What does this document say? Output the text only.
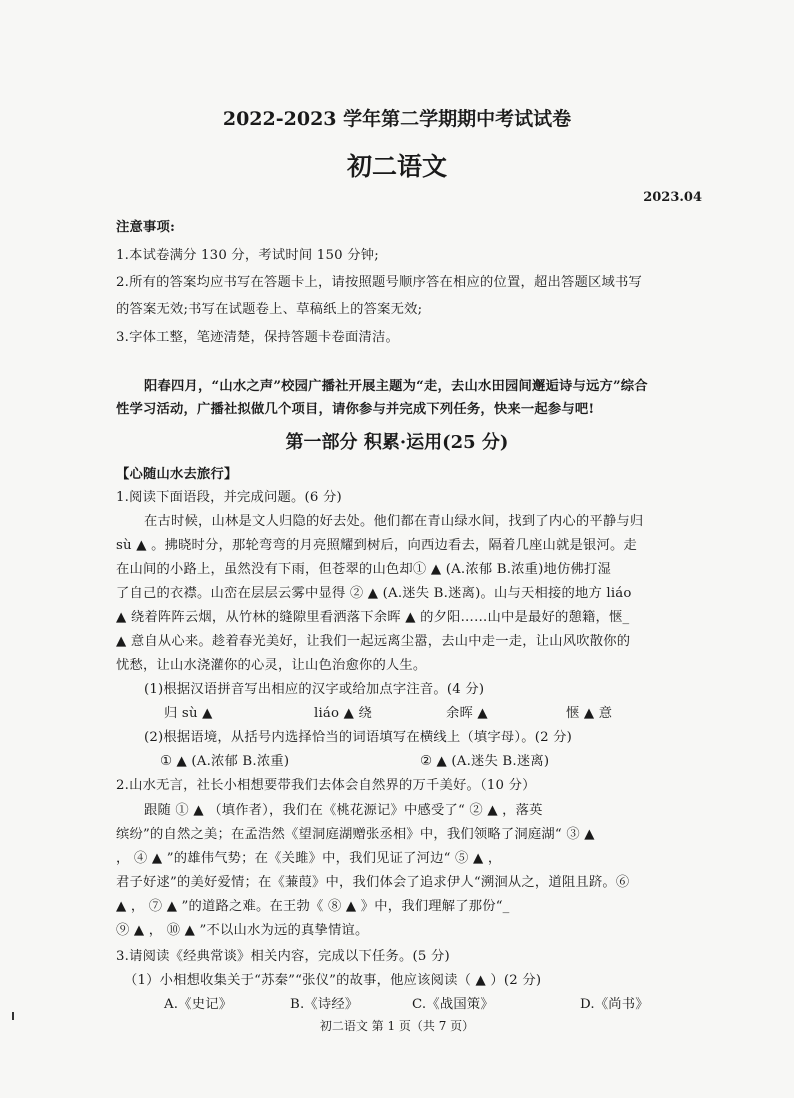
2022-2023 学年第二学期期中考试试卷
初二语文
2023.04
注意事项:
1.本试卷满分 130 分，考试时间 150 分钟;
2.所有的答案均应书写在答题卡上，请按照题号顺序答在相应的位置，超出答题区域书写
的答案无效;书写在试题卷上、草稿纸上的答案无效;
3.字体工整，笔迹清楚，保持答题卡卷面清洁。
阳春四月，“山水之声”校园广播社开展主题为“走，去山水田园间邂逅诗与远方”综合
性学习活动，广播社拟做几个项目，请你参与并完成下列任务，快来一起参与吧!
第一部分 积累·运用(25 分)
【心随山水去旅行】
1.阅读下面语段，并完成问题。(6 分)
在古时候，山林是文人归隐的好去处。他们都在青山绿水间，找到了内心的平静与归
sù ▲ 。拂晓时分，那轮弯弯的月亮照耀到树后，向西边看去，隔着几座山就是银河。走
在山间的小路上，虽然没有下雨，但苍翠的山色却① ▲ (A.浓郁 B.浓重)地仿佛打湿
了自己的衣襟。山峦在层层云雾中显得 ② ▲ (A.迷失 B.迷离)。山与天相接的地方 liáo
▲ 绕着阵阵云烟，从竹林的缝隙里看洒落下余晖 ▲ 的夕阳……山中是最好的憩籍，惬_
▲ 意自从心来。趁着春光美好，让我们一起远离尘嚣，去山中走一走，让山风吹散你的
忧愁，让山水浇灌你的心灵，让山色治愈你的人生。
(1)根据汉语拼音写出相应的汉字或给加点字注音。(4 分)
归 sù ▲	liáo ▲ 绕	余晖 ▲	惬 ▲ 意
(2)根据语境，从括号内选择恰当的词语填写在横线上（填字母）。(2 分)
① ▲ (A.浓郁 B.浓重)	② ▲ (A.迷失 B.迷离)
2.山水无言，社长小相想要带我们去体会自然界的万千美好。（10 分）
跟随 ① ▲ （填作者），我们在《桃花源记》中感受了“ ② ▲ ，落英
缤纷”的自然之美；在孟浩然《望洞庭湖赠张丞相》中，我们领略了洞庭湖“ ③ ▲
， ④ ▲ ”的雄伟气势；在《关雎》中，我们见证了河边“ ⑤ ▲ ，
君子好逑”的美好爱情；在《蒹葭》中，我们体会了追求伊人“溯洄从之，道阻且跻。⑥
▲ ， ⑦ ▲ ”的道路之难。在王勃《 ⑧ ▲ 》中，我们理解了那份“_
⑨ ▲ ， ⑩ ▲ ”不以山水为远的真挚情谊。
3.请阅读《经典常谈》相关内容，完成以下任务。(5 分)
（1）小相想收集关于“苏秦”“张仪”的故事，他应该阅读（ ▲ ）(2 分)
A.《史记》	B.《诗经》	C.《战国策》	D.《尚书》
初二语文 第 1 页（共 7 页）
